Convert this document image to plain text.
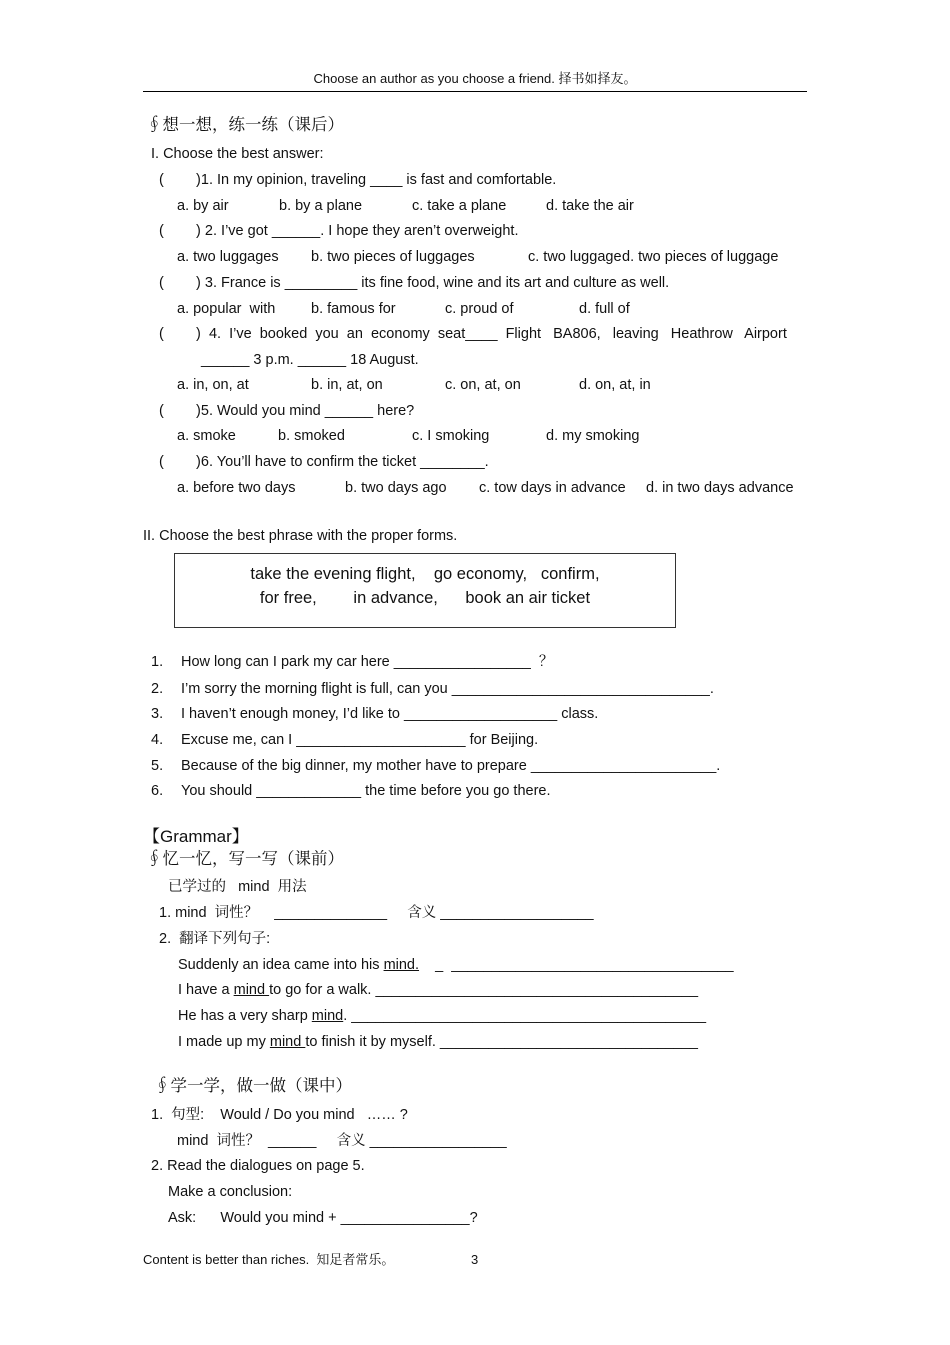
Choose an author as you choose a friend. 择书如择友。
∮想一想，练一练（课后）
I. Choose the best answer:
(        )1. In my opinion, traveling ____ is fast and comfortable.
a. by air	b. by a plane	c. take a plane	d. take the air
(        ) 2. I’ve got ______. I hope they aren’t overweight.
a. two luggages b. two pieces of luggages	c. two luggage d. two pieces of luggage
(        ) 3. France is _________ its fine food, wine and its art and culture as well.
a. popular  with b. famous for	c. proud of	d. full of
(        )  4.  I’ve  booked  you  an  economy  seat____  Flight   BA806,   leaving   Heathrow   Airport
______ 3 p.m. ______ 18 August.
a. in, on, at	b. in, at, on	c. on, at, on	d. on, at, in
(        )5. Would you mind ______ here?
a. smoke	b. smoked	c. I smoking	d. my smoking
(        )6. You’ll have to confirm the ticket ________.
a. before two days	b. two days ago c. tow days in advance d. in two days advance
II. Choose the best phrase with the proper forms.
take the evening flight,    go economy,   confirm,
for free,        in advance,      book an air ticket
1. How long can I park my car here _________________  ？
2. I’m sorry the morning flight is full, can you ________________________________.
3. I haven’t enough money, I’d like to ___________________ class.
4. Excuse me, can I _____________________ for Beijing.
5. Because of the big dinner, my mother have to prepare _______________________.
6. You should _____________ the time before you go there.
【Grammar】
∮忆一忆，写一写（课前）
已学过的   mind  用法
1. mind  词性？    ______________     含义 ___________________
2.  翻译下列句子:
Suddenly an idea came into his mind.    _  ___________________________________
I have a mind to go for a walk. ________________________________________
He has a very sharp mind. ____________________________________________
I made up my mind to finish it by myself. ________________________________
∮学一学，做一做（课中）
1.  句型:    Would / Do you mind   …… ?
mind  词性？  ______     含义 _________________
2. Read the dialogues on page 5.
Make a conclusion:
Ask:      Would you mind + ________________?
Content is better than riches.  知足者常乐。	3
